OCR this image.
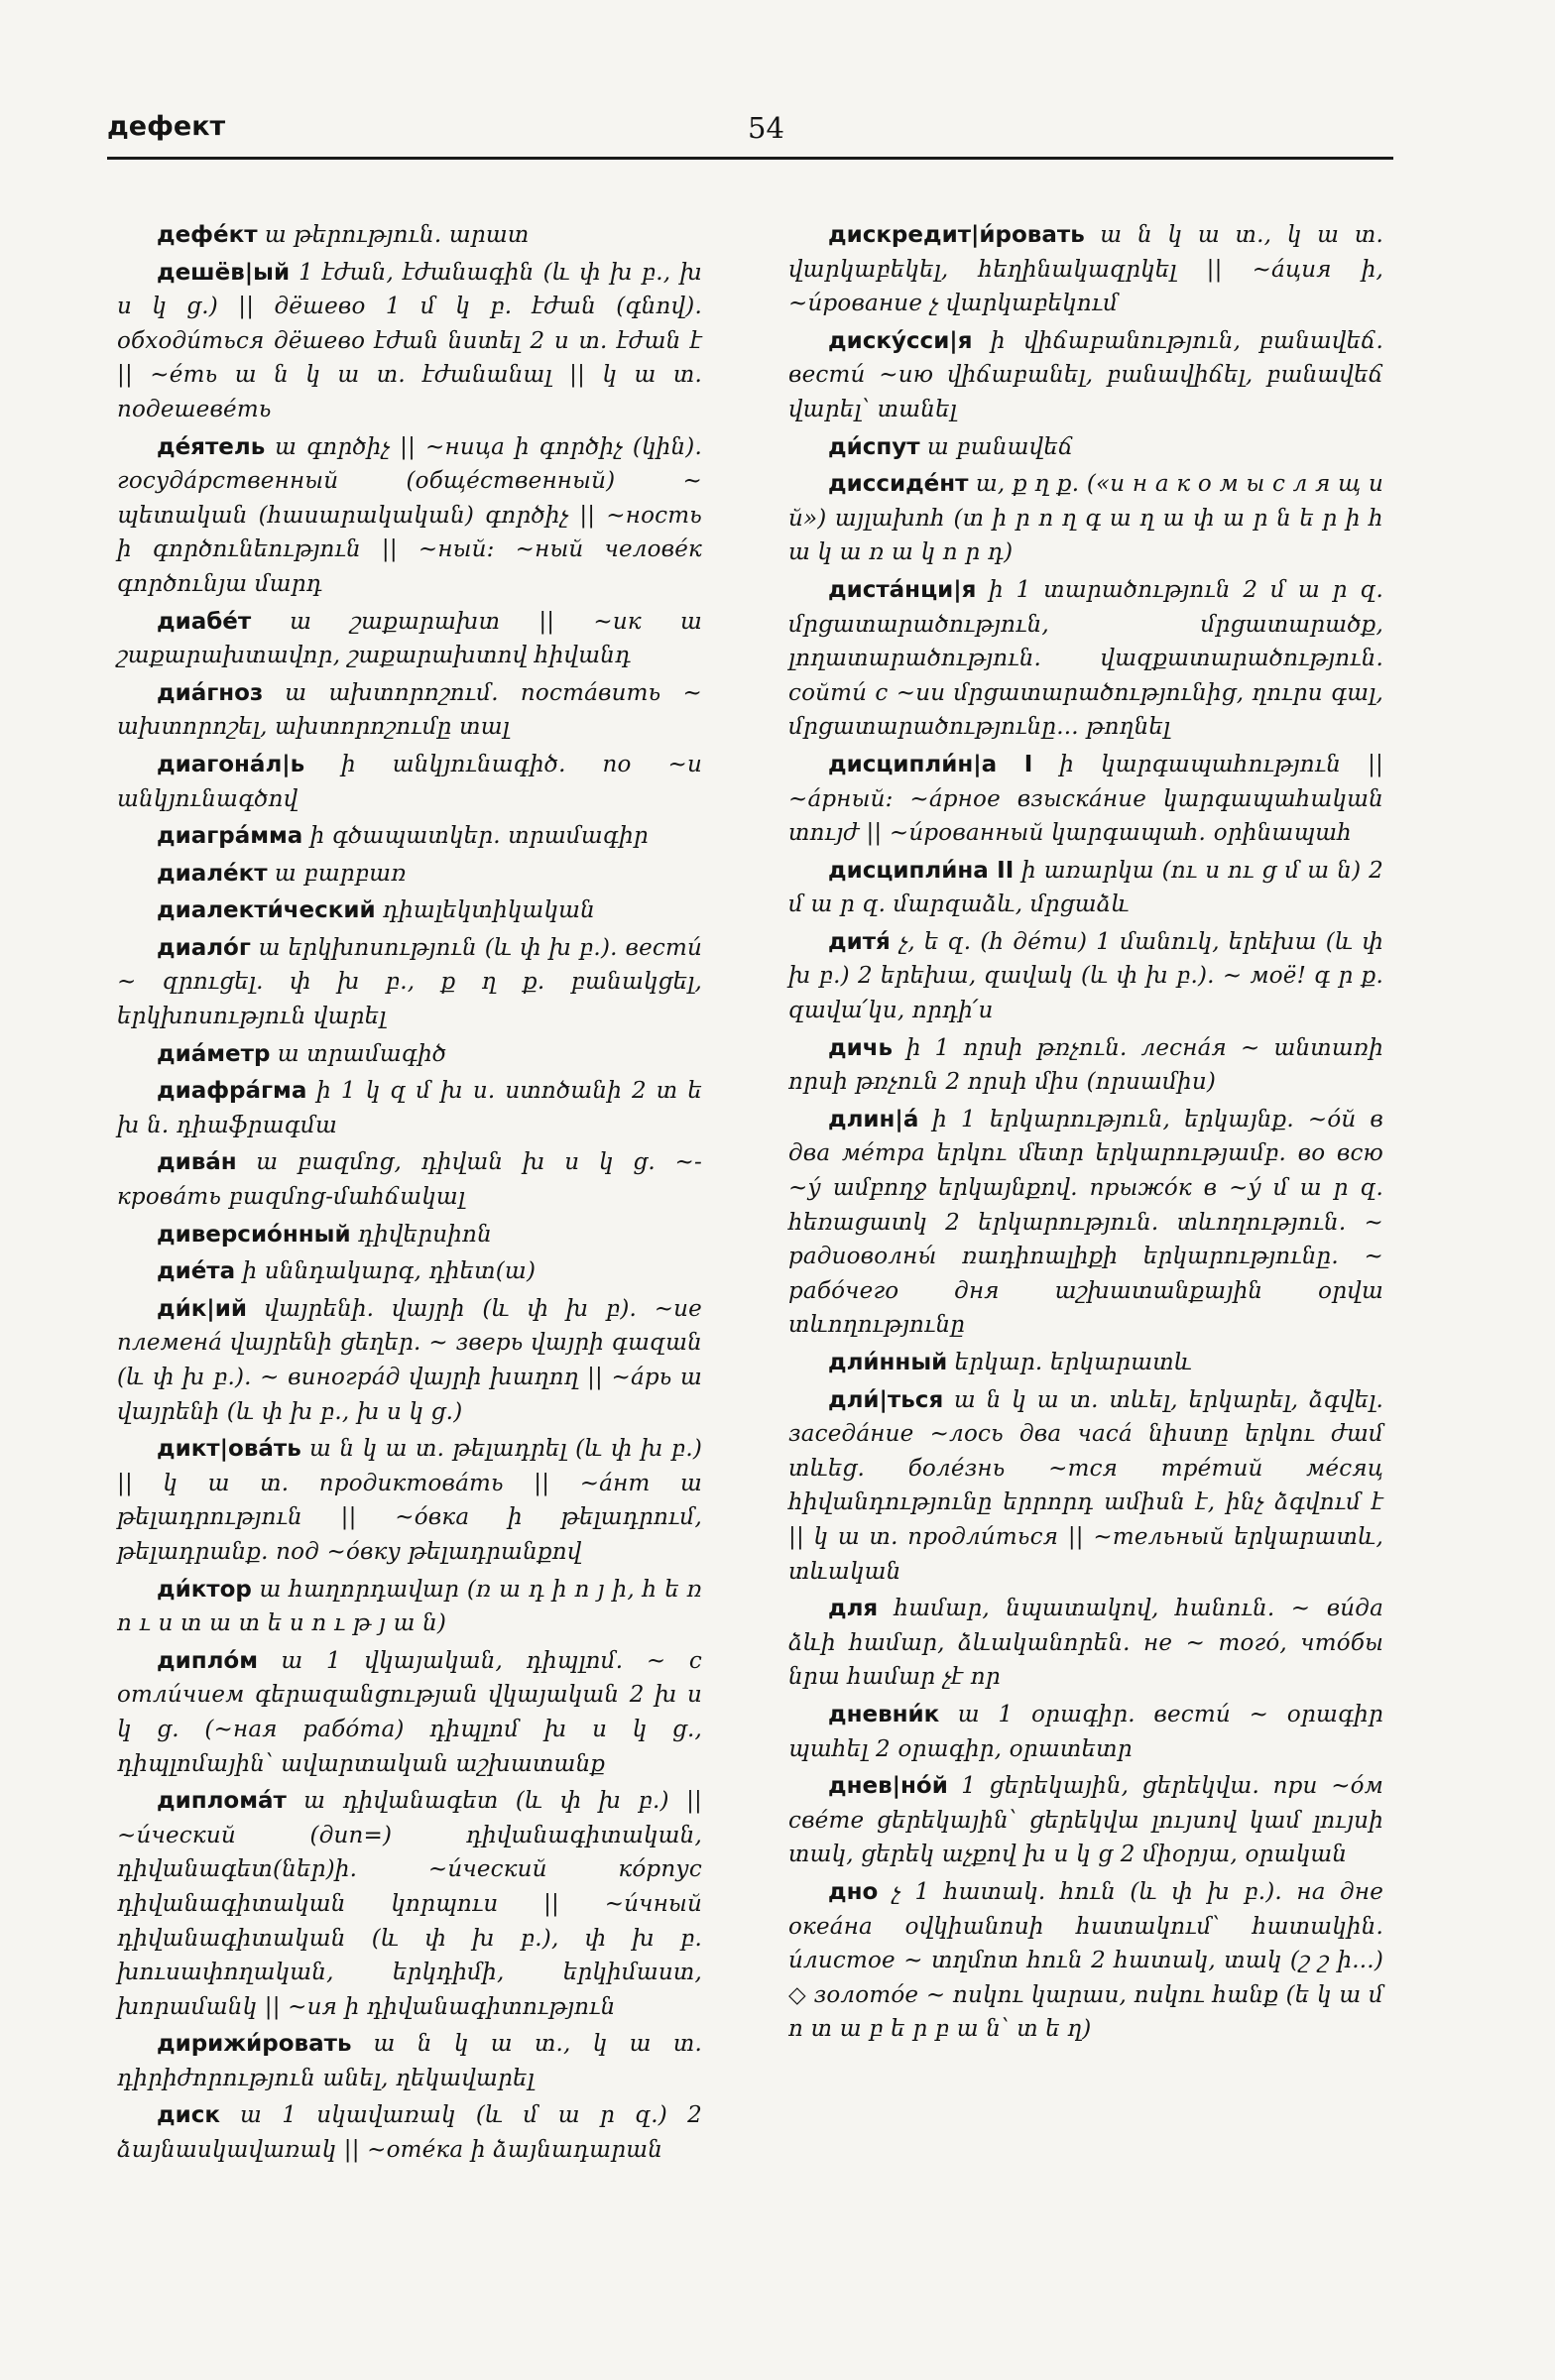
дефект	54

дефе́кт ա թերություն. արատ

дешёв|ый 1 էժան, էժանագին (և փ խ բ., խ ս կ ց.) || дёшево 1 մ կ բ. էժան (գնով). обходи́ться дёшево էժան նստել 2 ս տ. էժան է || ~е́ть ա ն կ ա տ. էժանանալ || կ ա տ. подешеве́ть

де́ятель ա գործիչ || ~ница ի գործիչ (կին). госуда́рственный (обще́ственный) ~ պետական (հասարակական) գործիչ || ~ность ի գործունեություն || ~ный: ~ный челове́к գործունյա մարդ

диабе́т ա շաքարախտ || ~ик ա շաքարախտավոր, շաքարախտով հիվանդ

диа́гноз ա ախտորոշում. поста́вить ~ ախտորոշել, ախտորոշումը տալ

диагона́л|ь ի անկյունագիծ. по ~и անկյունագծով

диагра́мма ի գծապատկեր. տրամագիր

диале́кт ա բարբառ

диалекти́ческий դիալեկտիկական

диало́г ա երկխոսություն (և փ խ բ.). вести́ ~ զրուցել. փ խ բ., ք ղ ք. բանակցել, երկխոսություն վարել

диа́метр ա տրամագիծ

диафра́гма ի 1 կ զ մ խ ս. ստոծանի 2 տ ե խ ն. դիաֆրագմա

дива́н ա բազմոց, դիվան խ ս կ ց. ~-крова́ть բազմոց-մահճակալ

диверсио́нный դիվերսիոն

дие́та ի սննդակարգ, դիետ(ա)

ди́к|ий վայրենի. վայրի (և փ խ բ). ~ие племена́ վայրենի ցեղեր. ~ зверь վայրի գազան (և փ խ բ.). ~ виногра́д վայրի խաղող || ~а́рь ա վայրենի (և փ խ բ., խ ս կ ց.)

дикт|ова́ть ա ն կ ա տ. թելադրել (և փ խ բ.) || կ ա տ. продиктова́ть || ~а́нт ա թելադրություն || ~о́вка ի թելադրում, թելադրանք. под ~о́вку թելադրանքով

ди́ктор ա հաղորդավար (ռ ա դ ի ո յ ի, հ ե ռ ո ւ ս տ ա տ ե ս ո ւ թ յ ա ն)

дипло́м ա 1 վկայական, դիպլոմ. ~ с отли́чием գերազանցության վկայական 2 խ ս կ ց. (~ная рабо́та) դիպլոմ խ ս կ ց., դիպլոմային՝ ավարտական աշխատանք

диплома́т ա դիվանագետ (և փ խ բ.) || ~и́ческий (дип=) դիվանագիտական, դիվանագետ(ներ)ի. ~и́ческий ко́рпус դիվանագիտական կորպուս || ~и́чный դիվանագիտական (և փ խ բ.), փ խ բ. խուսափողական, երկդիմի, երկիմաստ, խորամանկ || ~ия ի դիվանագիտություն

дирижи́ровать ա ն կ ա տ., կ ա տ. դիրիժորություն անել, ղեկավարել

диск ա 1 սկավառակ (և մ ա ր զ.) 2 ձայնասկավառակ || ~оте́ка ի ձայնադարան

дискредит|и́ровать ա ն կ ա տ., կ ա տ. վարկաբեկել, հեղինակազրկել || ~а́ция ի, ~и́рование չ վարկաբեկում

диску́сси|я ի վիճաբանություն, բանավեճ. вести́ ~ию վիճաբանել, բանավիճել, բանավեճ վարել՝ տանել

ди́спут ա բանավեճ

диссиде́нт ա, ք ղ ք. («и н а к о м ы с л я щ и й») այլախոհ (տ ի ր ո ղ գ ա ղ ա փ ա ր ն ե ր ի հ ա կ ա ռ ա կ ո ր դ)

диста́нци|я ի 1 տարածություն 2 մ ա ր զ. մրցատարածություն, մրցատարածք, լողատարածություն. վազքատարածություն. сойти́ с ~ии մրցատարածությունից, ղուրս գալ, մրցատարածությունը... թողնել

дисципли́н|а I ի կարգապահություն || ~а́рный: ~а́рное взыска́ние կարգապահական տույժ || ~и́рованный կարգապահ. օրինապահ

дисципли́на II ի առարկա (ու ս ու ց մ ա ն) 2 մ ա ր զ. մարզաձև, մրցաձև

дитя́ չ, ե զ. (հ де́ти) 1 մանուկ, երեխա (և փ խ բ.) 2 երեխա, զավակ (և փ խ բ.). ~ моё! գ ր ք. զավա՛կս, որդի՛ս

дичь ի 1 որսի թռչուն. лесна́я ~ անտառի որսի թռչուն 2 որսի միս (որսամիս)

длин|а́ ի 1 երկարություն, երկայնք. ~о́й в два ме́тра երկու մետր երկարությամբ. во всю ~у́ ամբողջ երկայնքով. прыжо́к в ~у́ մ ա ր զ. հեռացատկ 2 երկարություն. տևողություն. ~ радиоволны́ ռադիոալիքի երկարությունը. ~ рабо́чего дня աշխատանքային օրվա տևողությունը

дли́нный երկար. երկարատև

дли́|ться ա ն կ ա տ. տևել, երկարել, ձգվել. заседа́ние ~лось два часа́ նիստը երկու ժամ տևեց. боле́знь ~тся тре́тий ме́сяц հիվանդությունը երրորդ ամիսն է, ինչ ձգվում է || կ ա տ. продли́ться || ~тельный երկարատև, տևական

для համար, նպատակով, հանուն. ~ ви́да ձևի համար, ձևականորեն. не ~ того́, что́бы նրա համար չէ որ

дневни́к ա 1 օրագիր. вести́ ~ օրագիր պահել 2 օրագիր, օրատետր

днев|но́й 1 ցերեկային, ցերեկվա. при ~о́м све́те ցերեկային՝ ցերեկվա լույսով կամ լույսի տակ, ցերեկ աչքով խ ս կ ց 2 միօրյա, օրական

дно չ 1 հատակ. հուն (և փ խ բ.). на дне океа́на օվկիանոսի հատակում՝ հատակին. и́листое ~ տղմոտ հուն 2 հատակ, տակ (շ շ ի...) ◇ золото́е ~ ոսկու կարաս, ոսկու հանք (ե կ ա մ ո տ ա բ ե ր բ ա ն՝ տ ե ղ)
